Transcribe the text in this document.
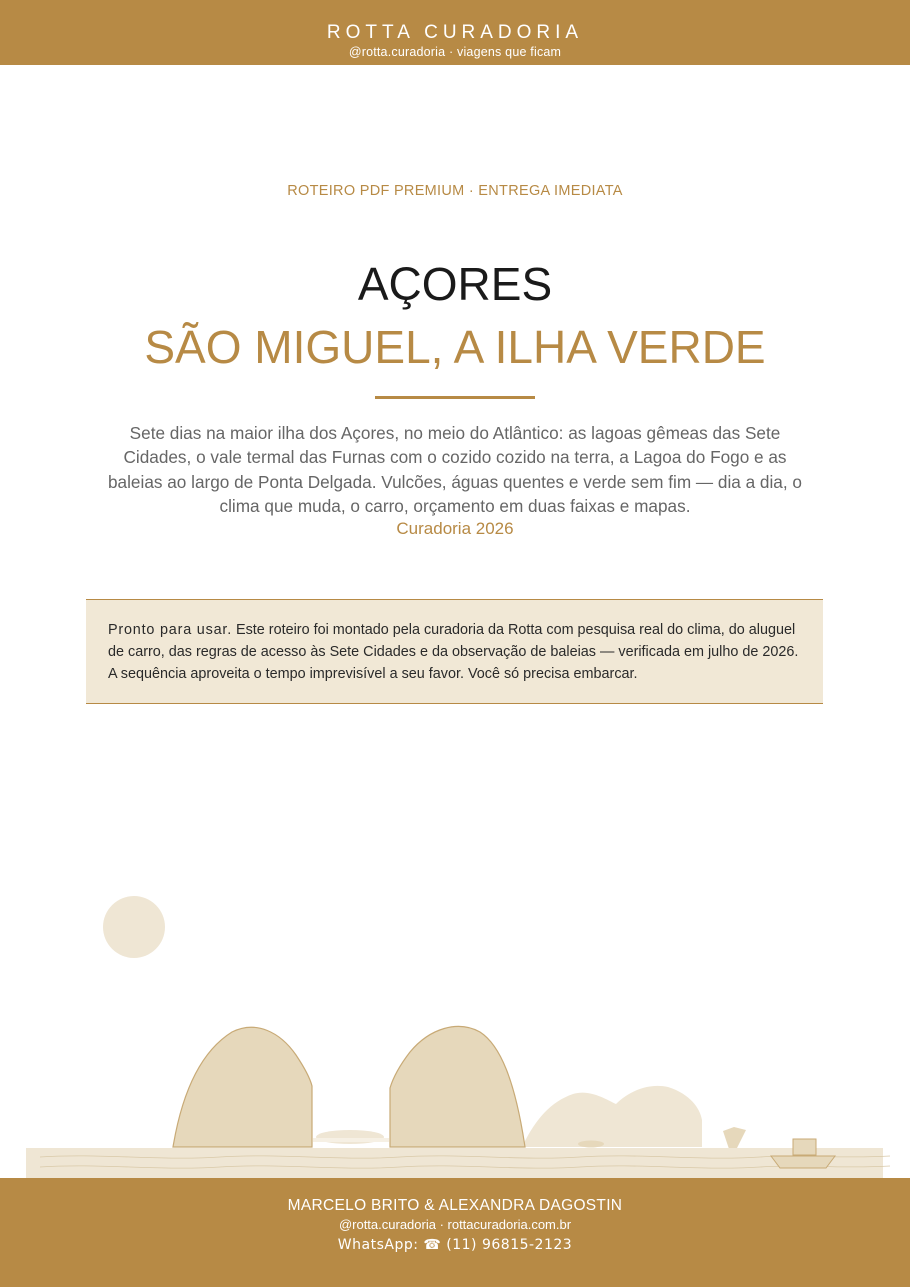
ROTTA CURADORIA
@rotta.curadoria · viagens que ficam
ROTEIRO PDF PREMIUM · ENTREGA IMEDIATA
AÇORES
SÃO MIGUEL, A ILHA VERDE
Sete dias na maior ilha dos Açores, no meio do Atlântico: as lagoas gêmeas das Sete Cidades, o vale termal das Furnas com o cozido cozido na terra, a Lagoa do Fogo e as baleias ao largo de Ponta Delgada. Vulcões, águas quentes e verde sem fim — dia a dia, o clima que muda, o carro, orçamento em duas faixas e mapas.
Curadoria 2026
Pronto para usar. Este roteiro foi montado pela curadoria da Rotta com pesquisa real do clima, do aluguel de carro, das regras de acesso às Sete Cidades e da observação de baleias — verificada em julho de 2026. A sequência aproveita o tempo imprevisível a seu favor. Você só precisa embarcar.
MARCELO BRITO & ALEXANDRA DAGOSTIN
@rotta.curadoria · rottacuradoria.com.br
WhatsApp: ☎ (11) 96815-2123
